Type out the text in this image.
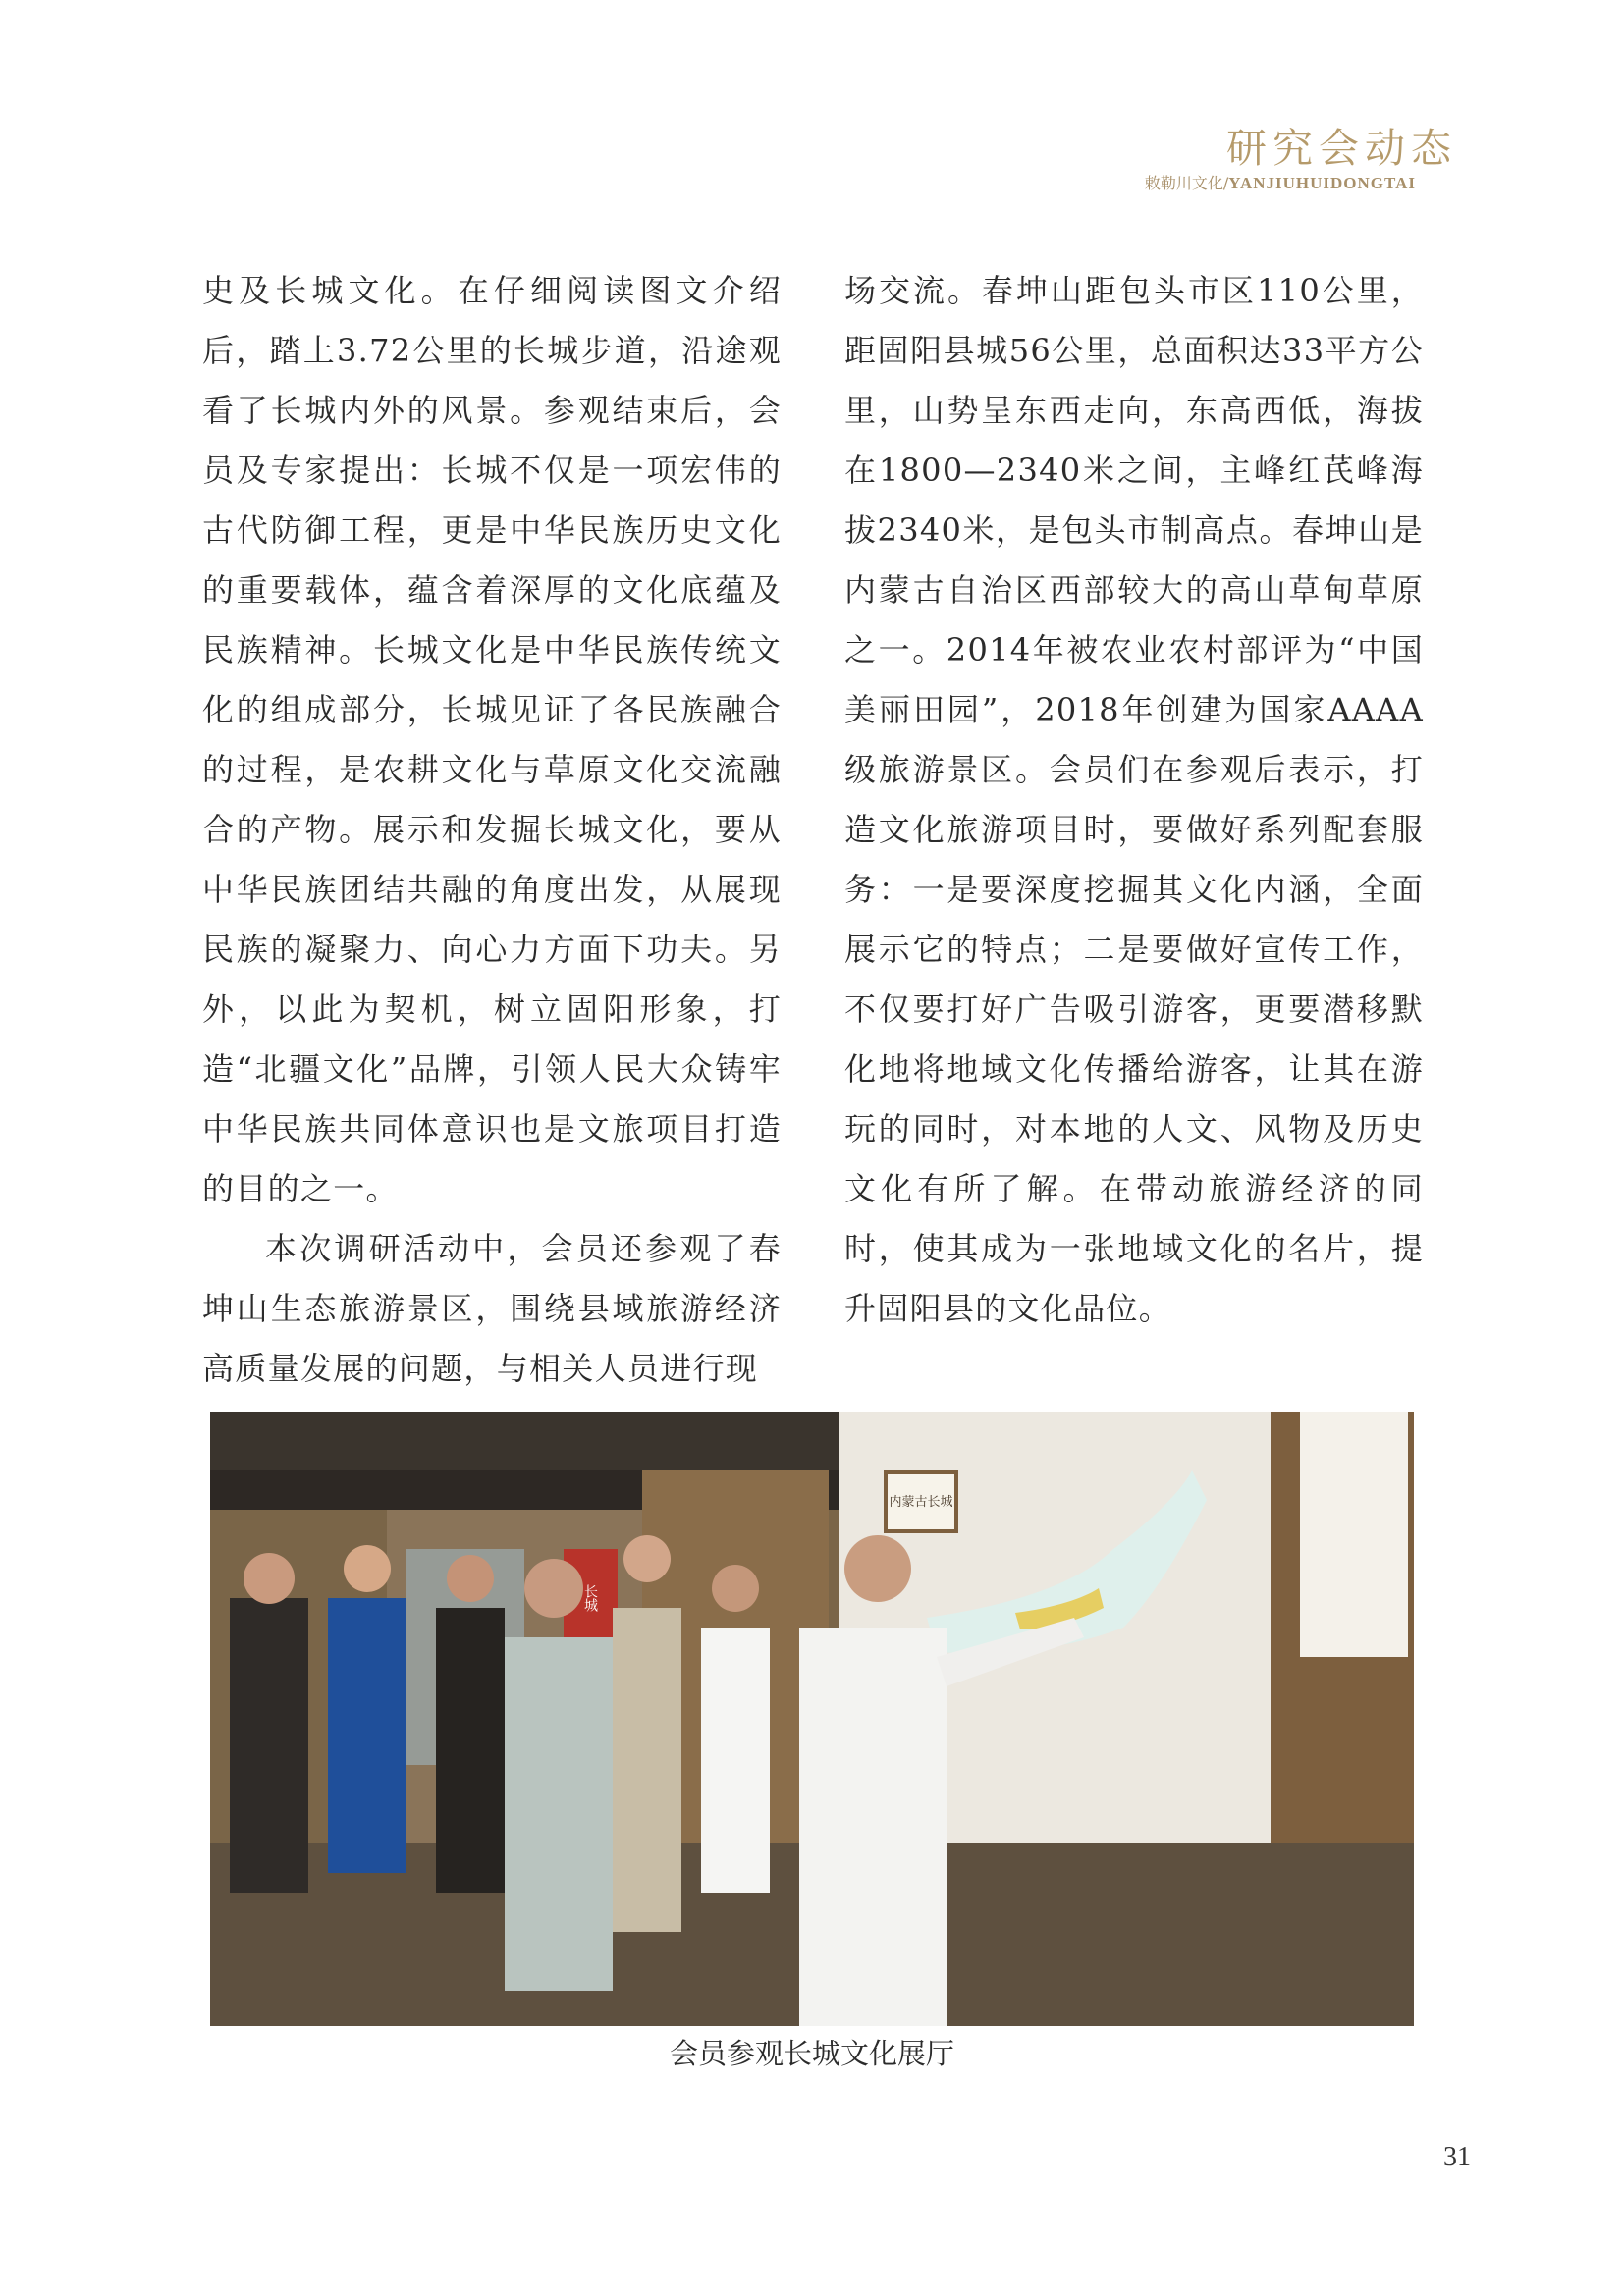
研究会动态
敕勒川文化/YANJIUHUIDONGTAI

史及长城文化。在仔细阅读图文介绍后，踏上3.72公里的长城步道，沿途观看了长城内外的风景。参观结束后，会员及专家提出：长城不仅是一项宏伟的古代防御工程，更是中华民族历史文化的重要载体，蕴含着深厚的文化底蕴及民族精神。长城文化是中华民族传统文化的组成部分，长城见证了各民族融合的过程，是农耕文化与草原文化交流融合的产物。展示和发掘长城文化，要从中华民族团结共融的角度出发，从展现民族的凝聚力、向心力方面下功夫。另外，以此为契机，树立固阳形象，打造“北疆文化”品牌，引领人民大众铸牢中华民族共同体意识也是文旅项目打造的目的之一。

本次调研活动中，会员还参观了春坤山生态旅游景区，围绕县域旅游经济高质量发展的问题，与相关人员进行现

场交流。春坤山距包头市区110公里，距固阳县城56公里，总面积达33平方公里，山势呈东西走向，东高西低，海拔在1800—2340米之间，主峰红芪峰海拔2340米，是包头市制高点。春坤山是内蒙古自治区西部较大的高山草甸草原之一。2014年被农业农村部评为“中国美丽田园”，2018年创建为国家AAAA级旅游景区。会员们在参观后表示，打造文化旅游项目时，要做好系列配套服务：一是要深度挖掘其文化内涵，全面展示它的特点；二是要做好宣传工作，不仅要打好广告吸引游客，更要潜移默化地将地域文化传播给游客，让其在游玩的同时，对本地的人文、风物及历史文化有所了解。在带动旅游经济的同时，使其成为一张地域文化的名片，提升固阳县的文化品位。

内蒙古长城
长城
会员参观长城文化展厅
31
